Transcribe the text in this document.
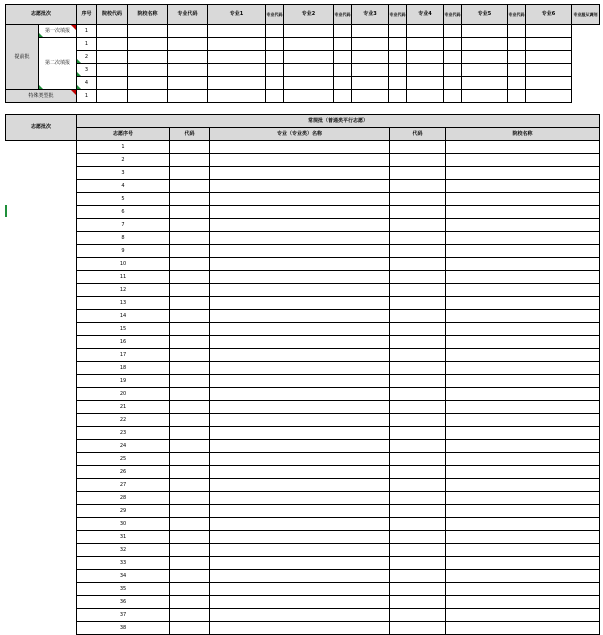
志愿批次		序号	院校代码	院校名称	专业代码	专业1	专业代码	专业2	专业代码	专业3	专业代码	专业4	专业代码	专业5	专业代码	专业6	专业服从调剂
提前批	第一次填报	1															
	第二次填报	1															
		2															
		3															
		4															
特殊类型批		1															
志愿批次	常规批（普通类平行志愿）				
	志愿序号	代码	专业（专业类）名称	代码	院校名称
	1				
	2				
	3				
	4				
	5				
	6				
	7				
	8				
	9				
	10				
	11				
	12				
	13				
	14				
	15				
	16				
	17				
	18				
	19				
	20				
	21				
	22				
	23				
	24				
	25				
	26				
	27				
	28				
	29				
	30				
	31				
	32				
	33				
	34				
	35				
	36				
	37				
	38				
